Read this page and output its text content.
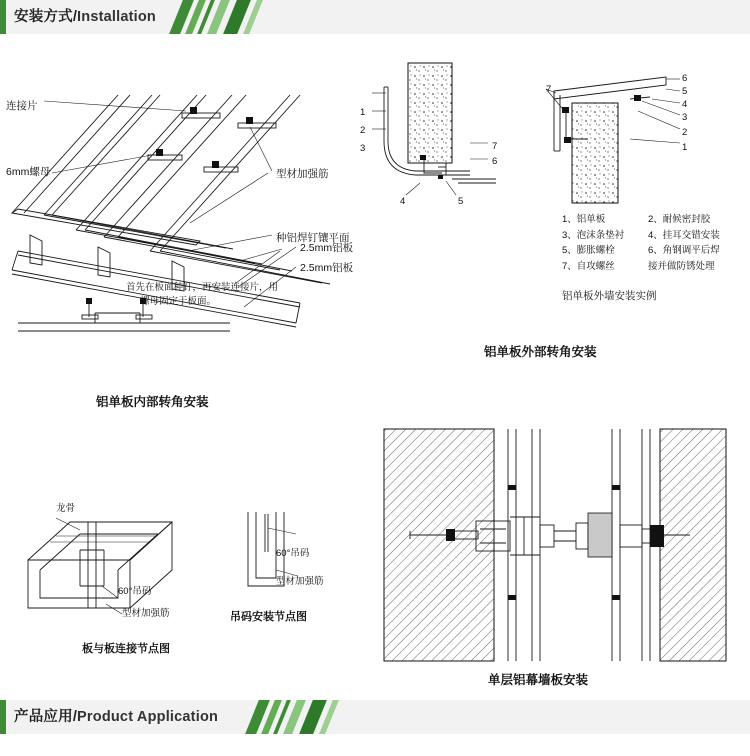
安装方式/Installation
连接片
6mm螺母	型材加强筋
种铝焊钉镶平面
2.5mm铝板
2.5mm铝板
首先在板面种钉，再安装连接片，用
螺母固定于板面。
铝单板内部转角安装
1
2
3	7
6
4	5
7
6
5
4
3
2
1
1、铝单板	2、耐候密封胶
3、泡沫条垫衬	4、挂耳交错安装
5、膨胀螺栓	6、角钢调平后焊
7、自攻螺丝	接并做防锈处理
铝单板外墙安装实例
铝单板外部转角安装
龙骨
60°吊码
型材加强筋
板与板连接节点图
60°吊码
型材加强筋
吊码安装节点图
单层铝幕墙板安装
产品应用/Product Application
